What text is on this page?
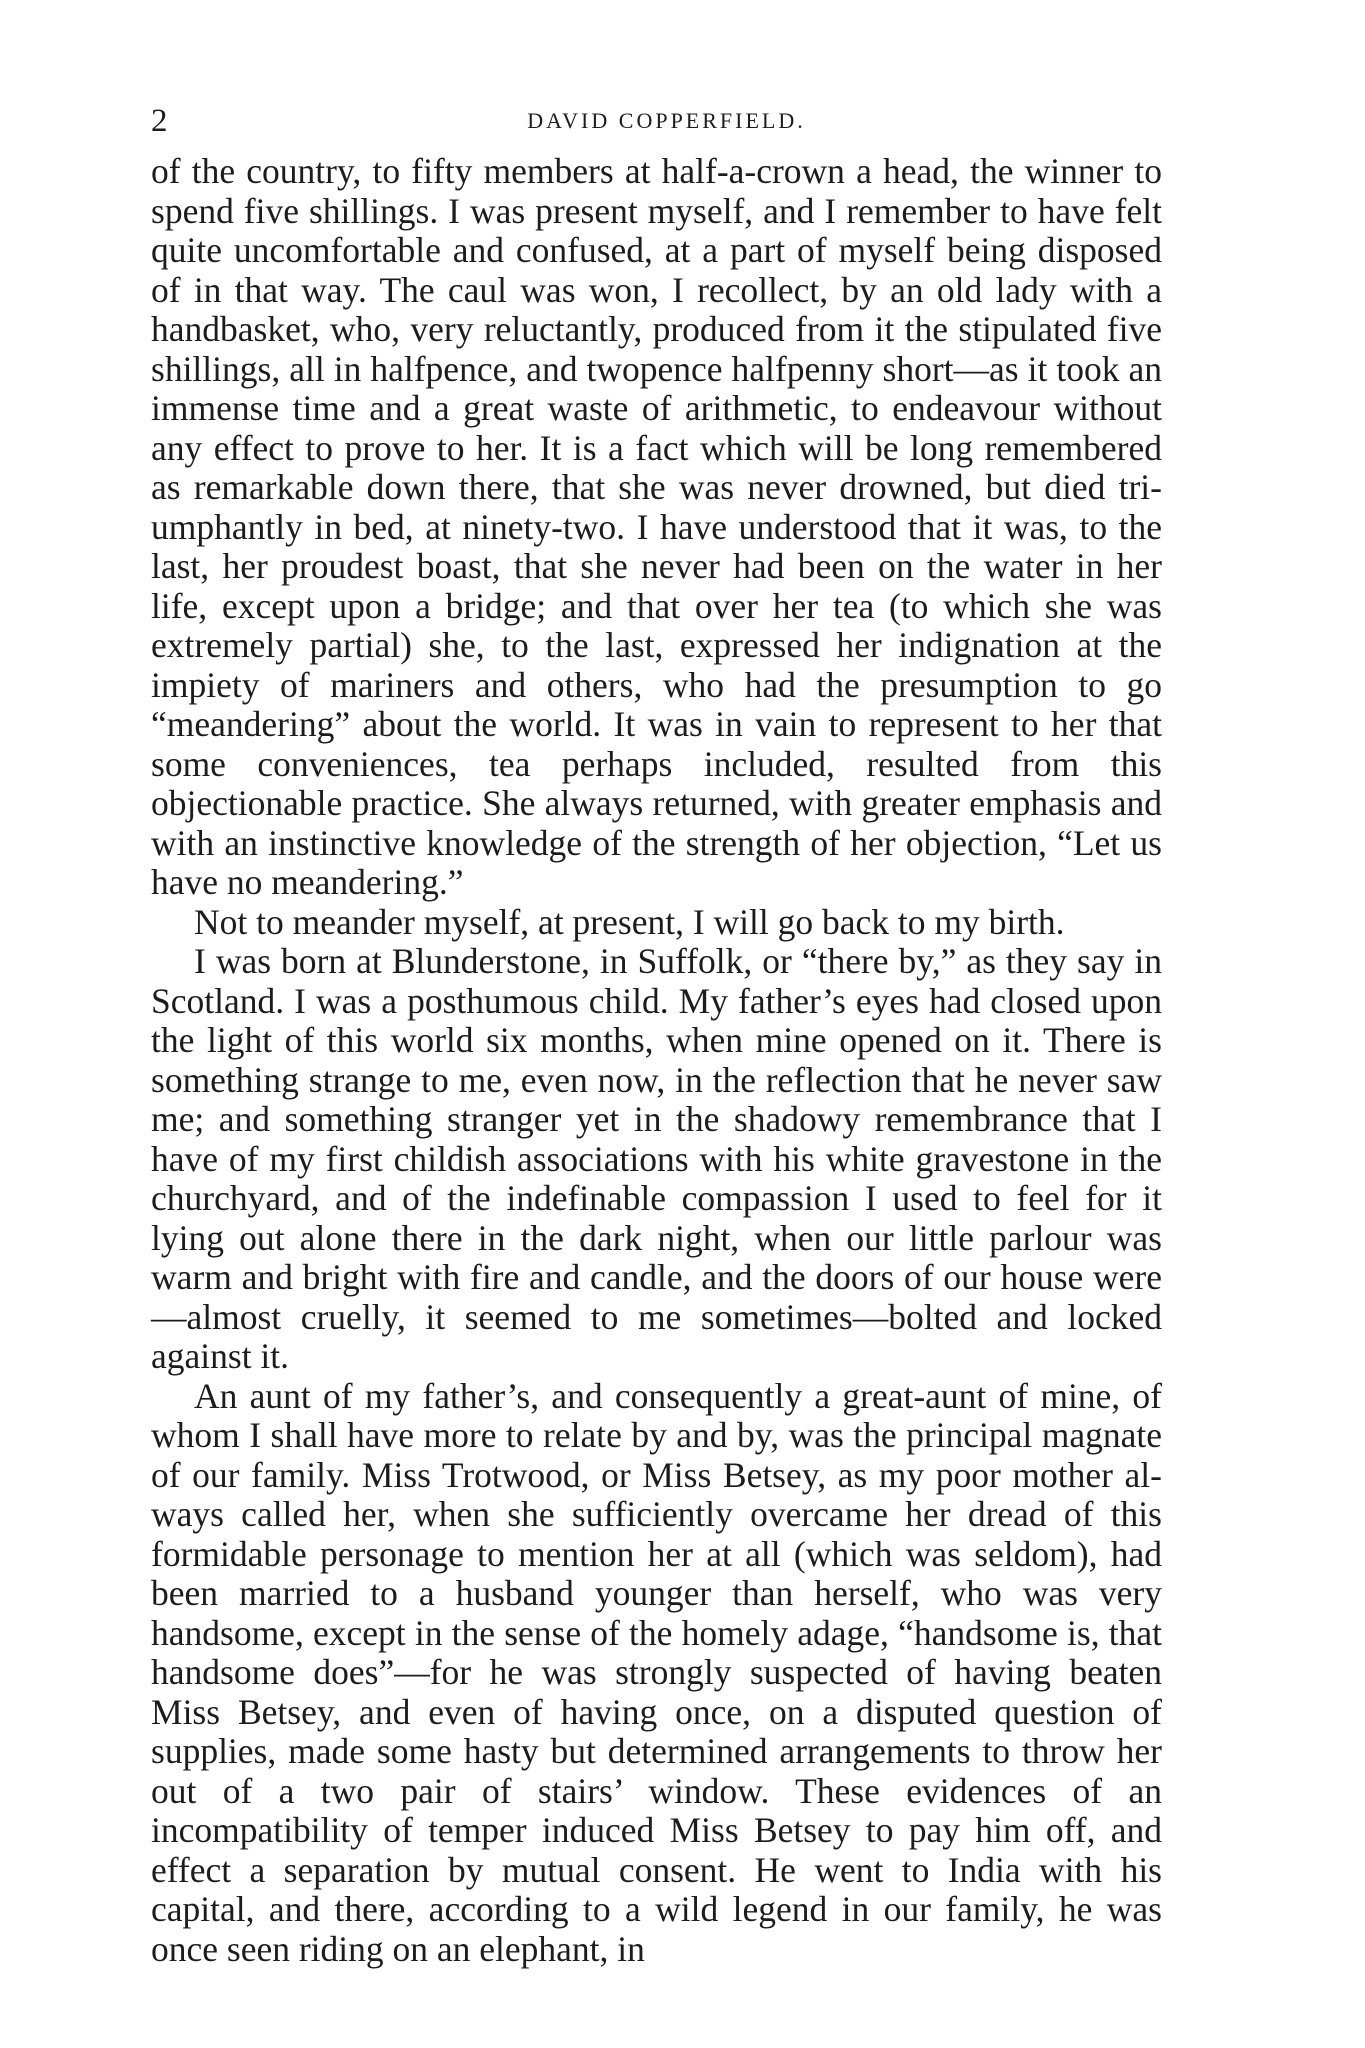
2	DAVID COPPERFIELD.

of the country, to fifty members at half-a-crown a head, the winner to spend five shillings. I was present myself, and I remember to have felt quite uncomfortable and confused, at a part of myself being disposed of in that way. The caul was won, I recollect, by an old lady with a handbasket, who, very reluctantly, produced from it the stipulated five shillings, all in halfpence, and twopence halfpenny short—as it took an immense time and a great waste of arithmetic, to endeavour without any effect to prove to her. It is a fact which will be long remembered as remarkable down there, that she was never drowned, but died triumphantly in bed, at ninety-two. I have understood that it was, to the last, her proudest boast, that she never had been on the water in her life, except upon a bridge; and that over her tea (to which she was extremely partial) she, to the last, expressed her indignation at the impiety of mariners and others, who had the presumption to go “meandering” about the world. It was in vain to represent to her that some conveniences, tea perhaps included, resulted from this objectionable practice. She always returned, with greater emphasis and with an instinctive knowledge of the strength of her objection, “Let us have no meandering.”

Not to meander myself, at present, I will go back to my birth.

I was born at Blunderstone, in Suffolk, or “there by,” as they say in Scotland. I was a posthumous child. My father’s eyes had closed upon the light of this world six months, when mine opened on it. There is something strange to me, even now, in the reflection that he never saw me; and something stranger yet in the shadowy remembrance that I have of my first childish associations with his white gravestone in the churchyard, and of the indefinable compassion I used to feel for it lying out alone there in the dark night, when our little parlour was warm and bright with fire and candle, and the doors of our house were—almost cruelly, it seemed to me sometimes—bolted and locked against it.

An aunt of my father’s, and consequently a great-aunt of mine, of whom I shall have more to relate by and by, was the principal magnate of our family. Miss Trotwood, or Miss Betsey, as my poor mother always called her, when she sufficiently overcame her dread of this formidable personage to mention her at all (which was seldom), had been married to a husband younger than herself, who was very handsome, except in the sense of the homely adage, “handsome is, that handsome does”—for he was strongly suspected of having beaten Miss Betsey, and even of having once, on a disputed question of supplies, made some hasty but determined arrangements to throw her out of a two pair of stairs’ window. These evidences of an incompatibility of temper induced Miss Betsey to pay him off, and effect a separation by mutual consent. He went to India with his capital, and there, according to a wild legend in our family, he was once seen riding on an elephant, in
